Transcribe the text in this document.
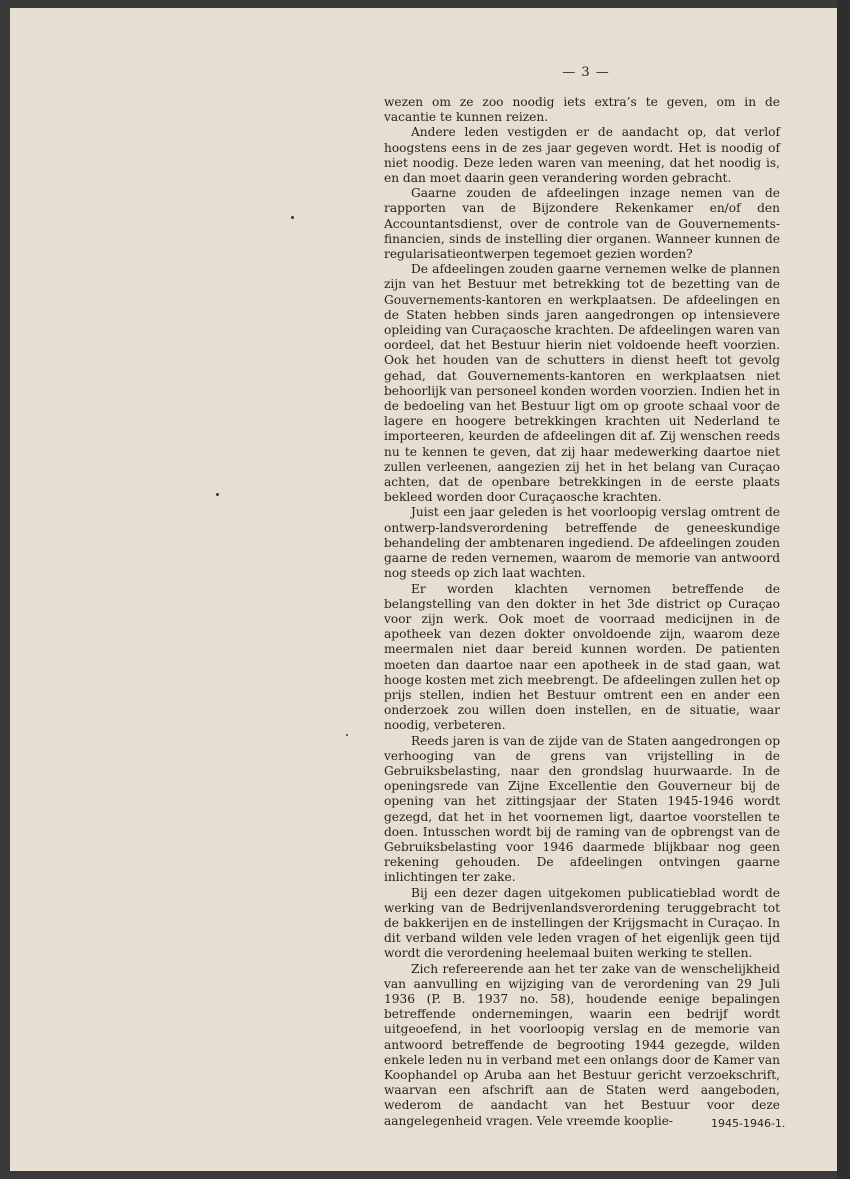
— 3 —

wezen om ze zoo noodig iets extra’s te geven, om in de vacantie te kunnen reizen.

Andere leden vestigden er de aandacht op, dat verlof hoogstens eens in de zes jaar gegeven wordt. Het is noodig of niet noodig. Deze leden waren van meening, dat het noodig is, en dan moet daarin geen verandering worden gebracht.

Gaarne zouden de afdeelingen inzage nemen van de rapporten van de Bijzondere Rekenkamer en/of den Accountantsdienst, over de controle van de Gouvernements-financien, sinds de instelling dier organen. Wanneer kunnen de regularisatieontwerpen tegemoet gezien worden?

De afdeelingen zouden gaarne vernemen welke de plannen zijn van het Bestuur met betrekking tot de bezetting van de Gouvernements-kantoren en werkplaatsen. De afdeelingen en de Staten hebben sinds jaren aangedrongen op intensievere opleiding van Curaçaosche krachten. De afdeelingen waren van oordeel, dat het Bestuur hierin niet voldoende heeft voorzien. Ook het houden van de schutters in dienst heeft tot gevolg gehad, dat Gouvernements-kantoren en werkplaatsen niet behoorlijk van personeel konden worden voorzien. Indien het in de bedoeling van het Bestuur ligt om op groote schaal voor de lagere en hoogere betrekkingen krachten uit Nederland te importeeren, keurden de afdeelingen dit af. Zij wenschen reeds nu te kennen te geven, dat zij haar medewerking daartoe niet zullen verleenen, aangezien zij het in het belang van Curaçao achten, dat de openbare betrekkingen in de eerste plaats bekleed worden door Curaçaosche krachten.

Juist een jaar geleden is het voorloopig verslag omtrent de ontwerp-landsverordening betreffende de geneeskundige behandeling der ambtenaren ingediend. De afdeelingen zouden gaarne de reden vernemen, waarom de memorie van antwoord nog steeds op zich laat wachten.

Er worden klachten vernomen betreffende de belangstelling van den dokter in het 3de district op Curaçao voor zijn werk. Ook moet de voorraad medicijnen in de apotheek van dezen dokter onvoldoende zijn, waarom deze meermalen niet daar bereid kunnen worden. De patienten moeten dan daartoe naar een apotheek in de stad gaan, wat hooge kosten met zich meebrengt. De afdeelingen zullen het op prijs stellen, indien het Bestuur omtrent een en ander een onderzoek zou willen doen instellen, en de situatie, waar noodig, verbeteren.

Reeds jaren is van de zijde van de Staten aangedrongen op verhooging van de grens van vrijstelling in de Gebruiksbelasting, naar den grondslag huurwaarde. In de openingsrede van Zijne Excellentie den Gouverneur bij de opening van het zittingsjaar der Staten 1945-1946 wordt gezegd, dat het in het voornemen ligt, daartoe voorstellen te doen. Intusschen wordt bij de raming van de opbrengst van de Gebruiksbelasting voor 1946 daarmede blijkbaar nog geen rekening gehouden. De afdeelingen ontvingen gaarne inlichtingen ter zake.

Bij een dezer dagen uitgekomen publicatieblad wordt de werking van de Bedrijvenlandsverordening teruggebracht tot de bakkerijen en de instellingen der Krijgsmacht in Curaçao. In dit verband wilden vele leden vragen of het eigenlijk geen tijd wordt die verordening heelemaal buiten werking te stellen.

Zich refereerende aan het ter zake van de wenschelijkheid van aanvulling en wijziging van de verordening van 29 Juli 1936 (P. B. 1937 no. 58), houdende eenige bepalingen betreffende ondernemingen, waarin een bedrijf wordt uitgeoefend, in het voorloopig verslag en de memorie van antwoord betreffende de begrooting 1944 gezegde, wilden enkele leden nu in verband met een onlangs door de Kamer van Koophandel op Aruba aan het Bestuur gericht verzoekschrift, waarvan een afschrift aan de Staten werd aangeboden, wederom de aandacht van het Bestuur voor deze aangelegenheid vragen. Vele vreemde kooplie-	1945-1946-1.
